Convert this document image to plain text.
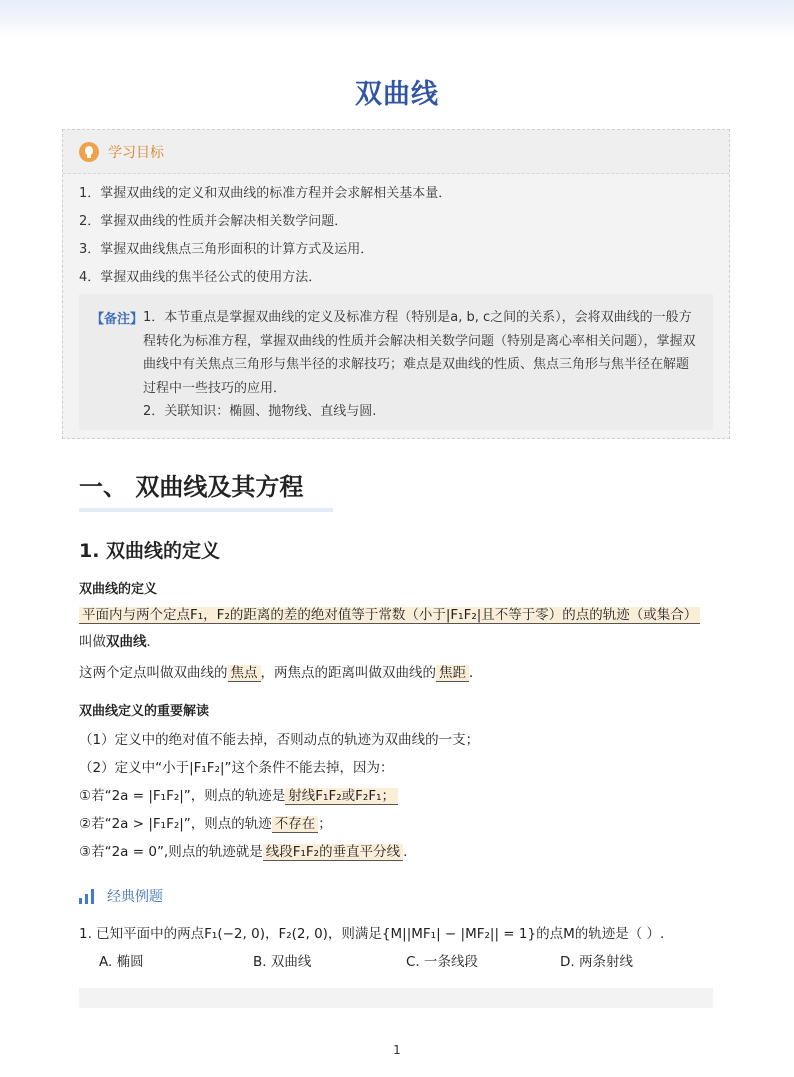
双曲线
学习目标
1．掌握双曲线的定义和双曲线的标准方程并会求解相关基本量．
2．掌握双曲线的性质并会解决相关数学问题．
3．掌握双曲线焦点三角形面积的计算方式及运用．
4．掌握双曲线的焦半径公式的使用方法．
【备注】 1．本节重点是掌握双曲线的定义及标准方程（特别是a, b, c之间的关系），会将双曲线的一般方程转化为标准方程，掌握双曲线的性质并会解决相关数学问题（特别是离心率相关问题），掌握双曲线中有关焦点三角形与焦半径的求解技巧；难点是双曲线的性质、焦点三角形与焦半径在解题过程中一些技巧的应用．
2．关联知识：椭圆、抛物线、直线与圆.
一、 双曲线及其方程
1. 双曲线的定义
双曲线的定义
平面内与两个定点F₁，F₂的距离的差的绝对值等于常数（小于|F₁F₂|且不等于零）的点的轨迹（或集合）叫做双曲线．
这两个定点叫做双曲线的 焦点 ，两焦点的距离叫做双曲线的 焦距 ．
双曲线定义的重要解读
（1）定义中的绝对值不能去掉，否则动点的轨迹为双曲线的一支；
（2）定义中“小于|F₁F₂|”这个条件不能去掉，因为：
①若“2a = |F₁F₂|”，则点的轨迹是 射线F₁F₂或F₂F₁；
②若“2a > |F₁F₂|”，则点的轨迹 不存在 ；
③若“2a = 0”,则点的轨迹就是 线段F₁F₂的垂直平分线 .
经典例题
1. 已知平面中的两点F₁(−2, 0)，F₂(2, 0)，则满足{M||MF₁| − |MF₂|| = 1}的点M的轨迹是（ ）.
A. 椭圆	B. 双曲线	C. 一条线段	D. 两条射线
1
